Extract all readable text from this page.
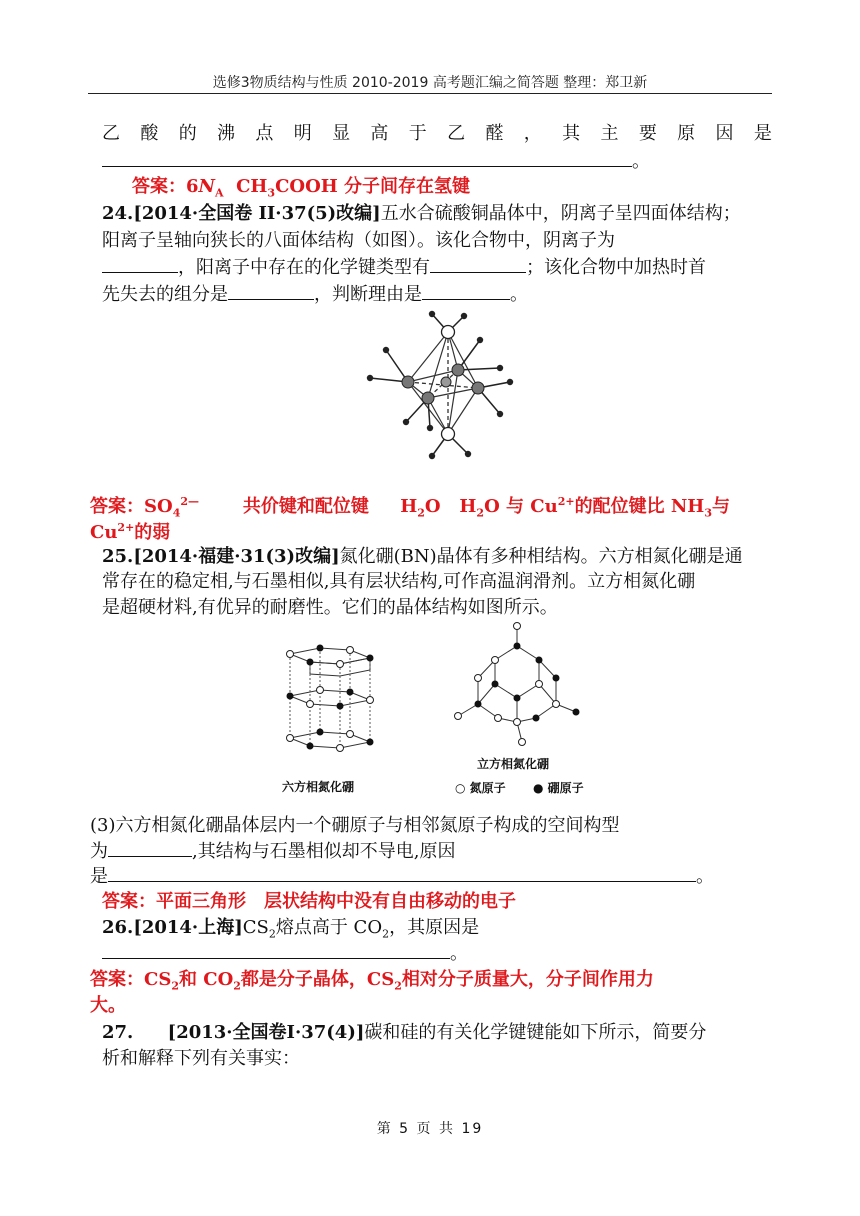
选修3物质结构与性质 2010-2019 高考题汇编之简答题 整理：郑卫新
乙 酸 的 沸 点 明 显 高 于 乙 醛 ， 其 主 要 原 因 是
。
答案：$6N_A$ $CH_3COOH$ 分子间存在氢键
24.[2014·全国卷 II·37(5)改编]五水合硫酸铜晶体中，阴离子呈四面体结构；
阳离子呈轴向狭长的八面体结构（如图）。该化合物中，阴离子为
，阳离子中存在的化学键类型有	；该化合物中加热时首
先失去的组分是	，判断理由是	。
答案：$SO_4^{2—}$ 共价键和配位键 $H_2O$ $H_2O$ 与 $Cu^{2+}$的配位键比 $NH_3$与
$Cu^{2+}$的弱
25.[2014·福建·31(3)改编]氮化硼(BN)晶体有多种相结构。六方相氮化硼是通
常存在的稳定相,与石墨相似,具有层状结构,可作高温润滑剂。立方相氮化硼
是超硬材料,有优异的耐磨性。它们的晶体结构如图所示。
六方相氮化硼
立方相氮化硼
○ 氮原子 ● 硼原子
(3)六方相氮化硼晶体层内一个硼原子与相邻氮原子构成的空间构型
为	,其结构与石墨相似却不导电,原因
是	。
答案：平面三角形　层状结构中没有自由移动的电子
26.[2014·上海]$CS_2$熔点高于 $CO_2$，其原因是
。
答案：$CS_2$和 $CO_2$都是分子晶体，$CS_2$相对分子质量大，分子间作用力
大。
27. [2013·全国卷Ⅰ·37(4)]碳和硅的有关化学键键能如下所示，简要分
析和解释下列有关事实：
第 5 页 共 19
